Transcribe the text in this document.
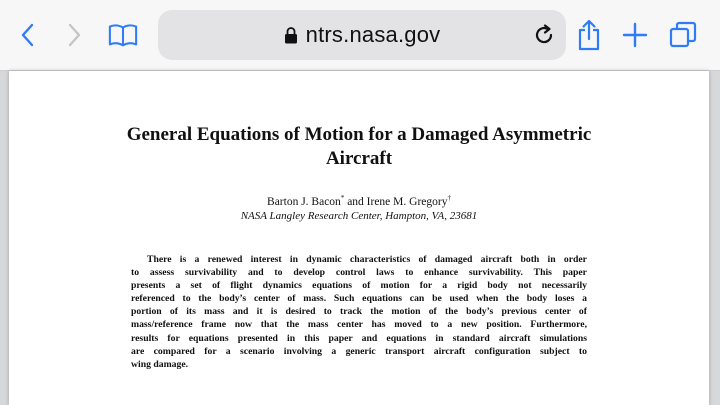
ntrs.nasa.gov
General Equations of Motion for a Damaged Asymmetric
Aircraft
Barton J. Bacon* and Irene M. Gregory†
NASA Langley Research Center, Hampton, VA, 23681
There is a renewed interest in dynamic characteristics of damaged aircraft both in order
to assess survivability and to develop control laws to enhance survivability. This paper
presents a set of flight dynamics equations of motion for a rigid body not necessarily
referenced to the body’s center of mass. Such equations can be used when the body loses a
portion of its mass and it is desired to track the motion of the body’s previous center of
mass/reference frame now that the mass center has moved to a new position. Furthermore,
results for equations presented in this paper and equations in standard aircraft simulations
are compared for a scenario involving a generic transport aircraft configuration subject to
wing damage.
